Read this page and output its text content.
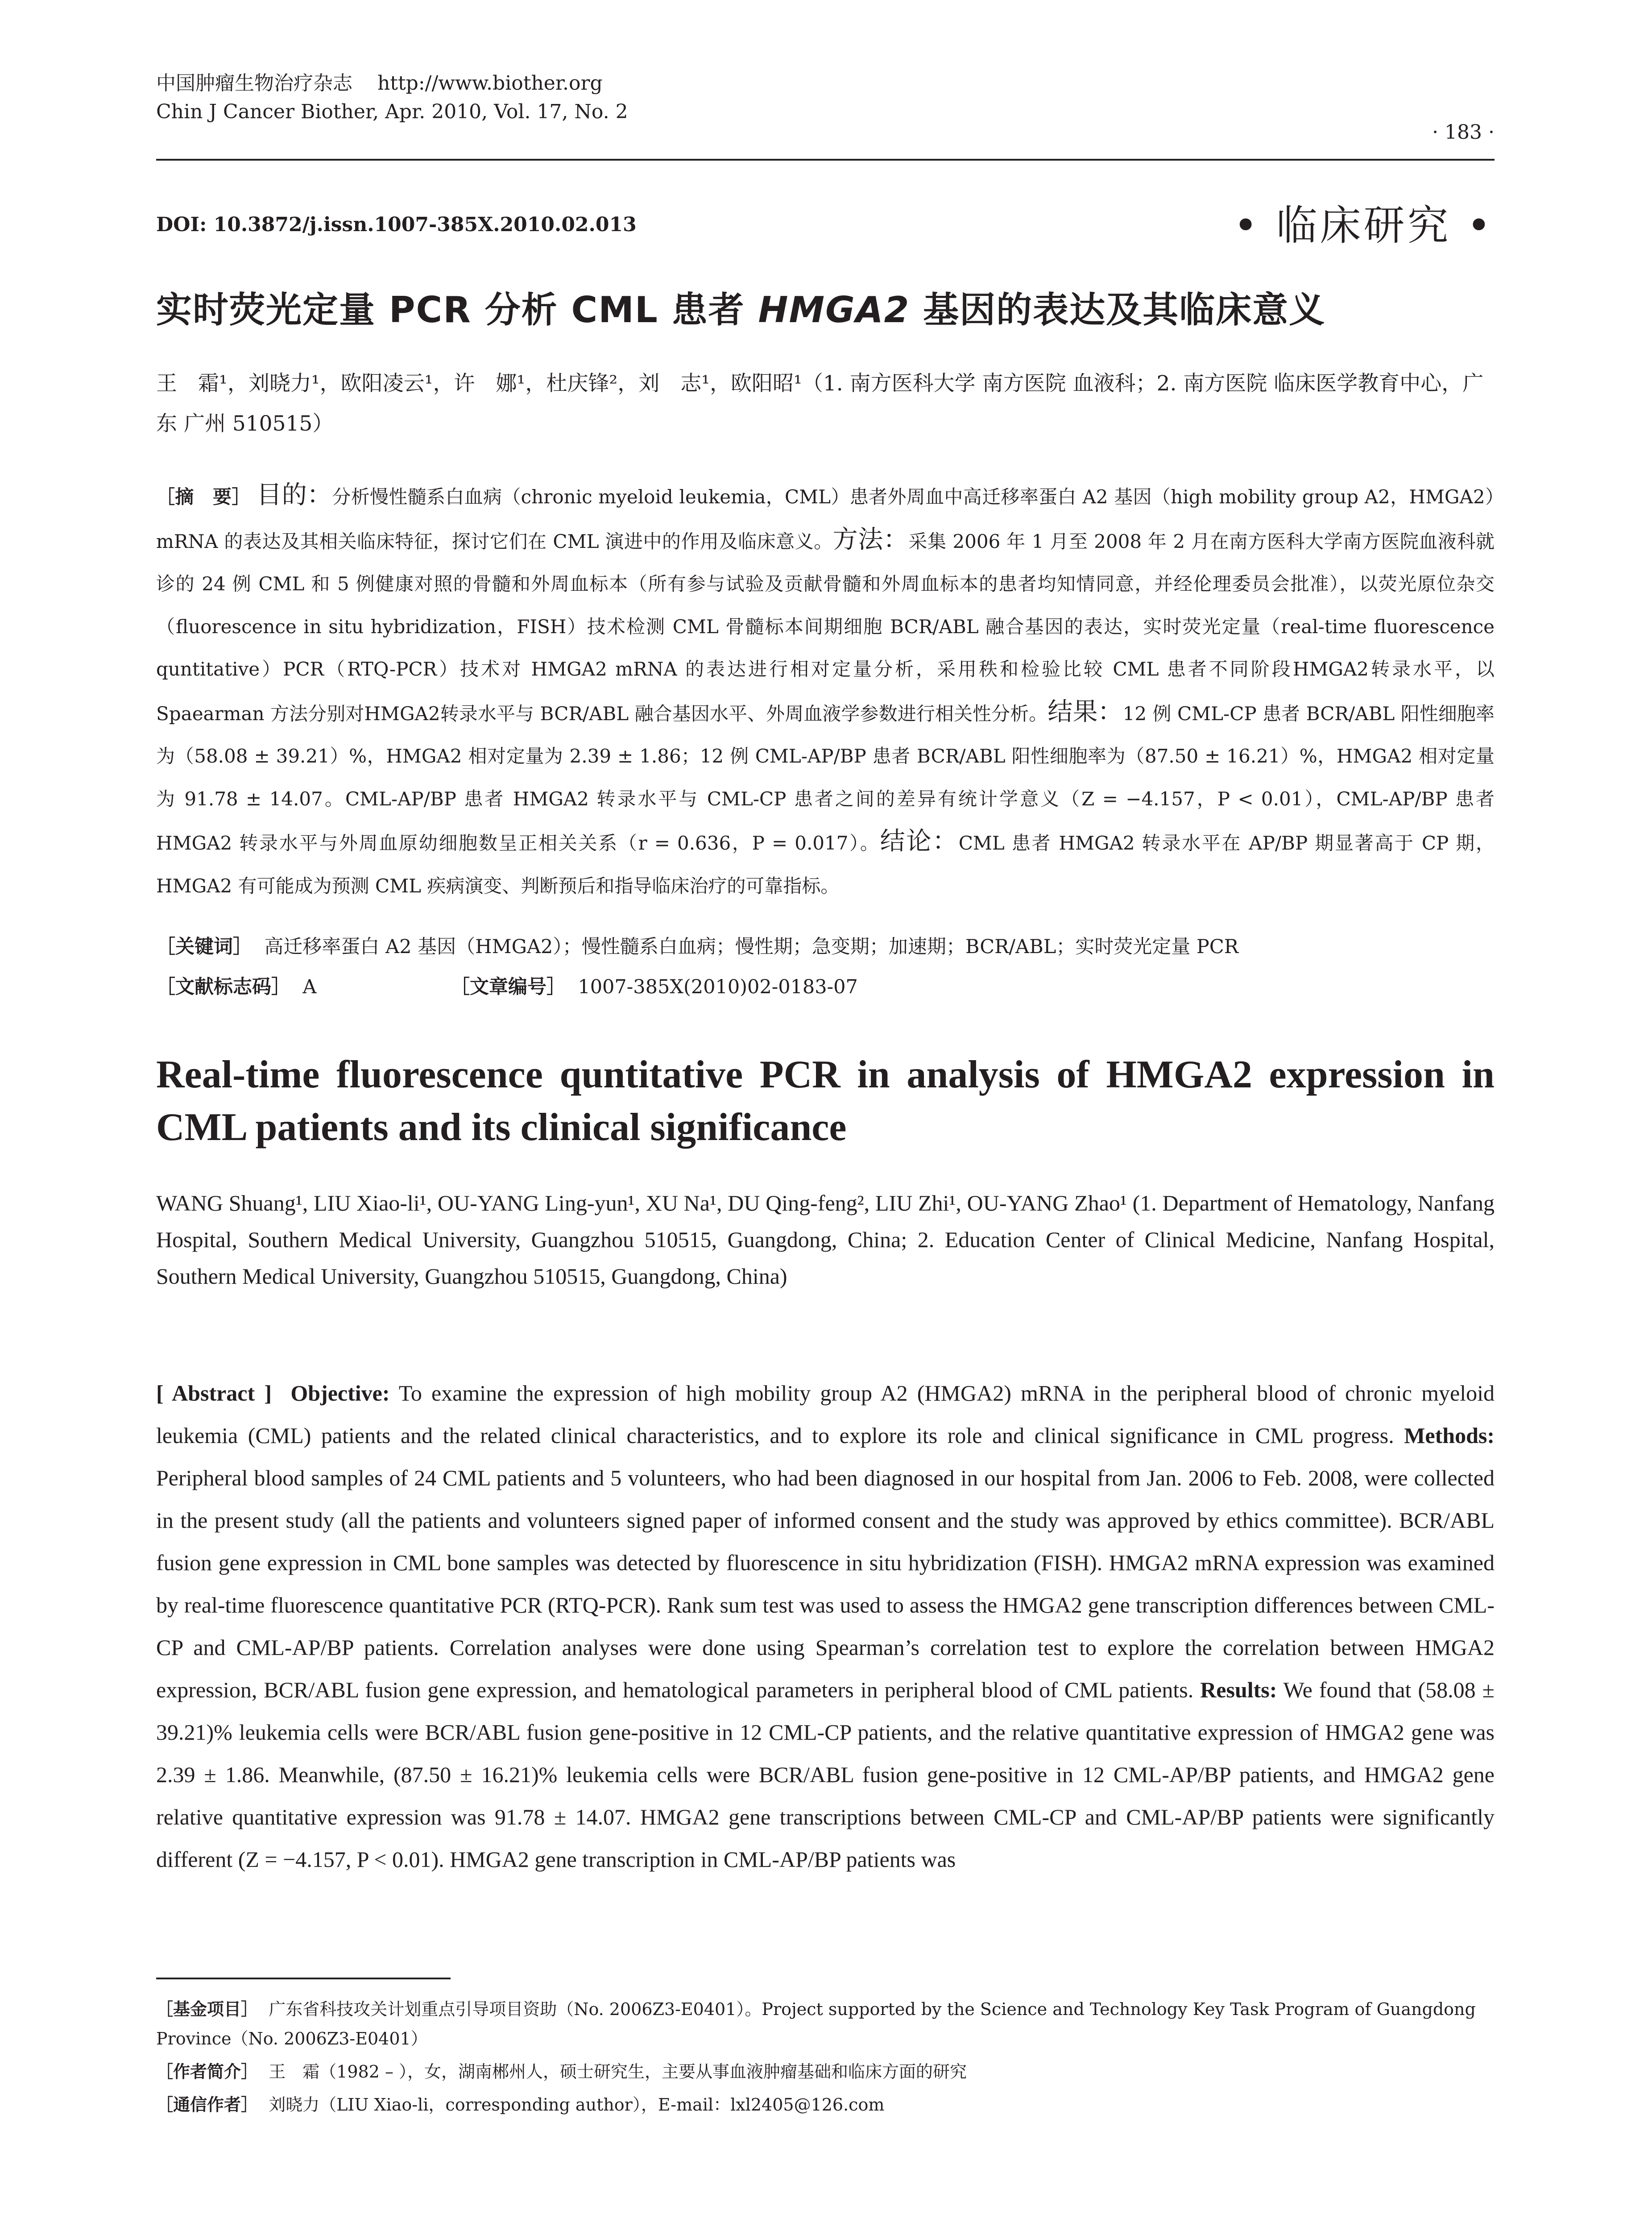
中国肿瘤生物治疗杂志 http://www.biother.org
Chin J Cancer Biother, Apr. 2010, Vol. 17, No. 2
· 183 ·
DOI: 10.3872/j.issn.1007-385X.2010.02.013	• 临床研究 •
实时荧光定量 PCR 分析 CML 患者 HMGA2 基因的表达及其临床意义
王　霜¹，刘晓力¹，欧阳凌云¹，许　娜¹，杜庆锋²，刘　志¹，欧阳昭¹（1. 南方医科大学 南方医院 血液科；2. 南方医院 临床医学教育中心，广东 广州 510515）
［摘　要］ 目的：分析慢性髓系白血病（chronic myeloid leukemia，CML）患者外周血中高迁移率蛋白 A2 基因（high mobility group A2，HMGA2）mRNA 的表达及其相关临床特征，探讨它们在 CML 演进中的作用及临床意义。方法：采集 2006 年 1 月至 2008 年 2 月在南方医科大学南方医院血液科就诊的 24 例 CML 和 5 例健康对照的骨髓和外周血标本（所有参与试验及贡献骨髓和外周血标本的患者均知情同意，并经伦理委员会批准），以荧光原位杂交（fluorescence in situ hybridization，FISH）技术检测 CML 骨髓标本间期细胞 BCR/ABL 融合基因的表达，实时荧光定量（real-time fluorescence quntitative）PCR（RTQ-PCR）技术对 HMGA2 mRNA 的表达进行相对定量分析，采用秩和检验比较 CML 患者不同阶段HMGA2转录水平，以 Spaearman 方法分别对HMGA2转录水平与 BCR/ABL 融合基因水平、外周血液学参数进行相关性分析。结果：12 例 CML-CP 患者 BCR/ABL 阳性细胞率为（58.08 ± 39.21）%，HMGA2 相对定量为 2.39 ± 1.86；12 例 CML-AP/BP 患者 BCR/ABL 阳性细胞率为（87.50 ± 16.21）%，HMGA2 相对定量为 91.78 ± 14.07。CML-AP/BP 患者 HMGA2 转录水平与 CML-CP 患者之间的差异有统计学意义（Z = −4.157，P < 0.01），CML-AP/BP 患者 HMGA2 转录水平与外周血原幼细胞数呈正相关关系（r = 0.636，P = 0.017）。结论：CML 患者 HMGA2 转录水平在 AP/BP 期显著高于 CP 期，HMGA2 有可能成为预测 CML 疾病演变、判断预后和指导临床治疗的可靠指标。
［关键词］ 高迁移率蛋白 A2 基因（HMGA2）；慢性髓系白血病；慢性期；急变期；加速期；BCR/ABL；实时荧光定量 PCR
［文献标志码］ A	［文章编号］ 1007-385X(2010)02-0183-07
Real-time fluorescence quntitative PCR in analysis of HMGA2 expression in CML patients and its clinical significance
WANG Shuang¹, LIU Xiao-li¹, OU-YANG Ling-yun¹, XU Na¹, DU Qing-feng², LIU Zhi¹, OU-YANG Zhao¹ (1. Department of Hematology, Nanfang Hospital, Southern Medical University, Guangzhou 510515, Guangdong, China; 2. Education Center of Clinical Medicine, Nanfang Hospital, Southern Medical University, Guangzhou 510515, Guangdong, China)
[ Abstract ] Objective: To examine the expression of high mobility group A2 (HMGA2) mRNA in the peripheral blood of chronic myeloid leukemia (CML) patients and the related clinical characteristics, and to explore its role and clinical significance in CML progress. Methods: Peripheral blood samples of 24 CML patients and 5 volunteers, who had been diagnosed in our hospital from Jan. 2006 to Feb. 2008, were collected in the present study (all the patients and volunteers signed paper of informed consent and the study was approved by ethics committee). BCR/ABL fusion gene expression in CML bone samples was detected by fluorescence in situ hybridization (FISH). HMGA2 mRNA expression was examined by real-time fluorescence quantitative PCR (RTQ-PCR). Rank sum test was used to assess the HMGA2 gene transcription differences between CML-CP and CML-AP/BP patients. Correlation analyses were done using Spearman’s correlation test to explore the correlation between HMGA2 expression, BCR/ABL fusion gene expression, and hematological parameters in peripheral blood of CML patients. Results: We found that (58.08 ± 39.21)% leukemia cells were BCR/ABL fusion gene-positive in 12 CML-CP patients, and the relative quantitative expression of HMGA2 gene was 2.39 ± 1.86. Meanwhile, (87.50 ± 16.21)% leukemia cells were BCR/ABL fusion gene-positive in 12 CML-AP/BP patients, and HMGA2 gene relative quantitative expression was 91.78 ± 14.07. HMGA2 gene transcriptions between CML-CP and CML-AP/BP patients were significantly different (Z = −4.157, P < 0.01). HMGA2 gene transcription in CML-AP/BP patients was
［基金项目］ 广东省科技攻关计划重点引导项目资助（No. 2006Z3-E0401）。Project supported by the Science and Technology Key Task Program of Guangdong Province（No. 2006Z3-E0401）
［作者简介］ 王　霜（1982 – ），女，湖南郴州人，硕士研究生，主要从事血液肿瘤基础和临床方面的研究
［通信作者］ 刘晓力（LIU Xiao-li，corresponding author），E-mail：lxl2405@126.com
